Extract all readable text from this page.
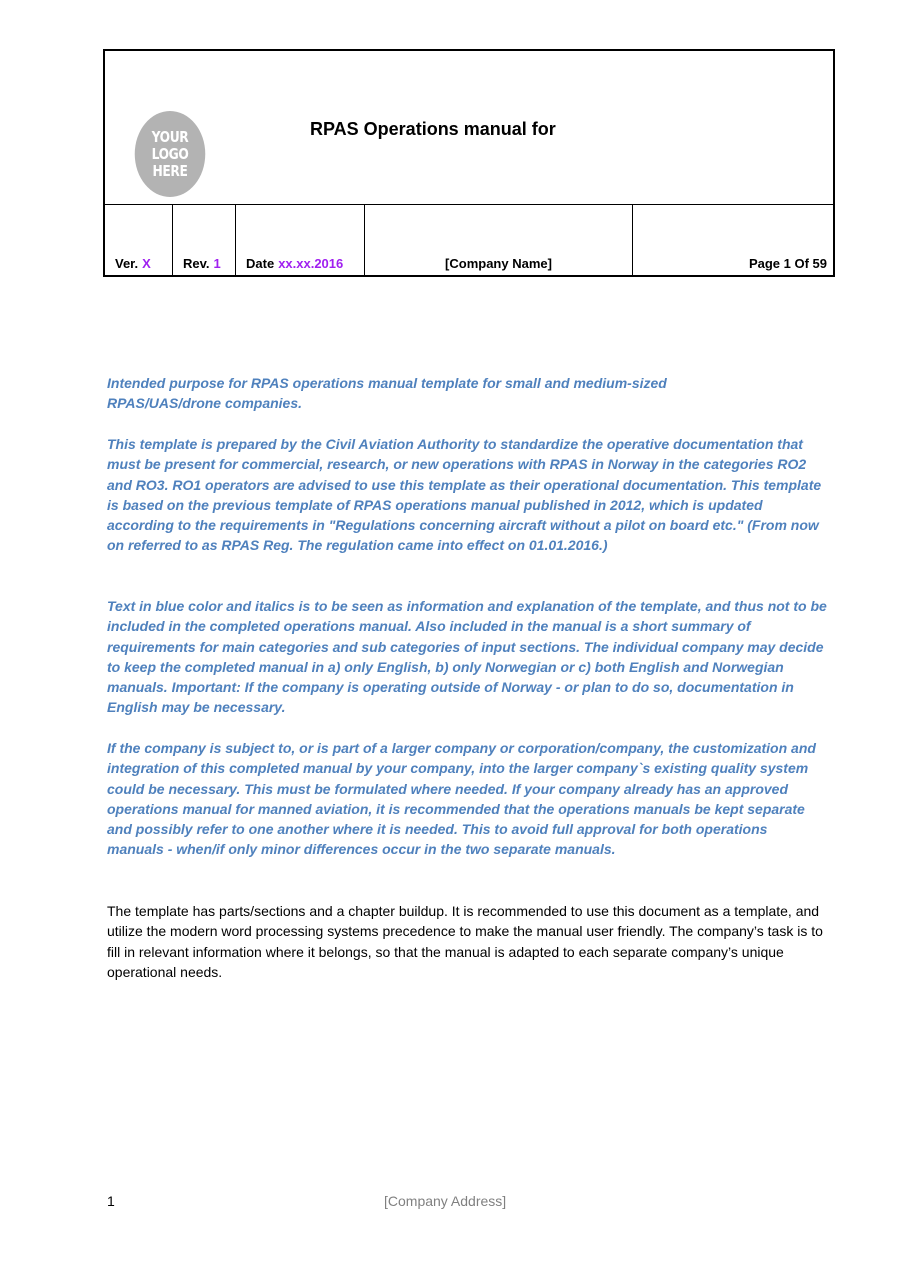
YOUR
LOGO HERE
RPAS Operations manual for
Ver. X Rev. 1 Date xx.xx.2016	[Company Name]	Page 1 Of 59
Intended purpose for RPAS operations manual template for small and medium-sized RPAS/UAS/drone companies.
This template is prepared by the Civil Aviation Authority to standardize the operative documentation that must be present for commercial, research, or new operations with RPAS in Norway in the categories RO2 and RO3. RO1 operators are advised to use this template as their operational documentation. This template is based on the previous template of RPAS operations manual published in 2012, which is updated according to the requirements in "Regulations concerning aircraft without a pilot on board etc." (From now on referred to as RPAS Reg. The regulation came into effect on 01.01.2016.)
Text in blue color and italics is to be seen as information and explanation of the template, and thus not to be included in the completed operations manual. Also included in the manual is a short summary of requirements for main categories and sub categories of input sections. The individual company may decide to keep the completed manual in a) only English, b) only Norwegian or c) both English and Norwegian manuals. Important: If the company is operating outside of Norway - or plan to do so, documentation in English may be necessary.
If the company is subject to, or is part of a larger company or corporation/company, the customization and integration of this completed manual by your company, into the larger company`s existing quality system could be necessary. This must be formulated where needed. If your company already has an approved operations manual for manned aviation, it is recommended that the operations manuals be kept separate and possibly refer to one another where it is needed. This to avoid full approval for both operations manuals - when/if only minor differences occur in the two separate manuals.
The template has parts/sections and a chapter buildup. It is recommended to use this document as a template, and utilize the modern word processing systems precedence to make the manual user friendly. The company’s task is to fill in relevant information where it belongs, so that the manual is adapted to each separate company’s unique operational needs.
1	[Company Address]
